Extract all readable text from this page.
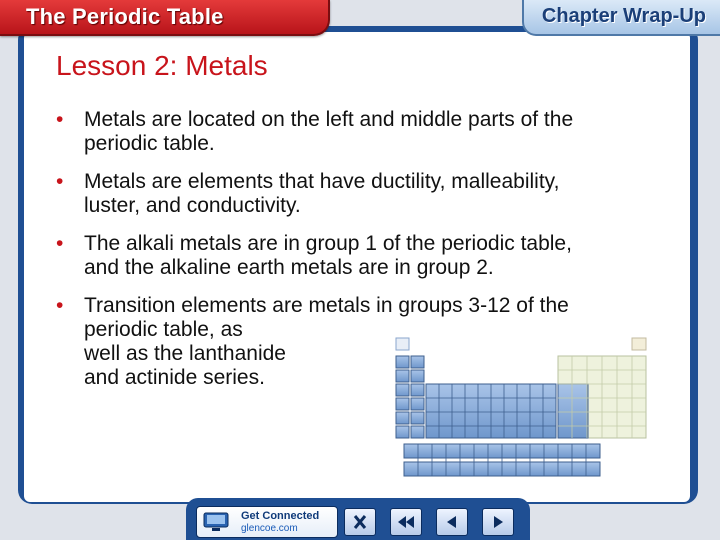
The Periodic Table	Chapter Wrap-Up
Lesson 2: Metals
• Metals are located on the left and middle parts of the
periodic table.
• Metals are elements that have ductility, malleability,
luster, and conductivity.
• The alkali metals are in group 1 of the periodic table,
and the alkaline earth metals are in group 2.
• Transition elements are metals in groups 3-12 of the
periodic table, as
well as the lanthanide
and actinide series.
Get Connected
glencoe.com
